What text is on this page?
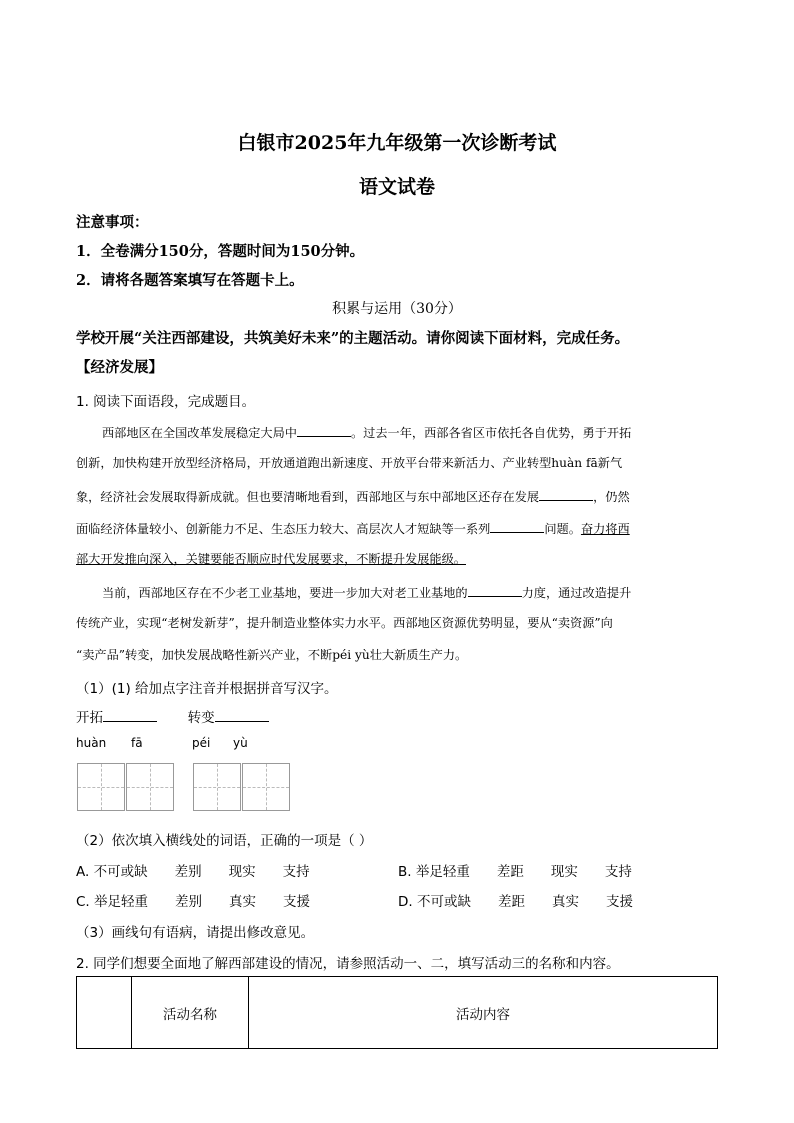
白银市2025年九年级第一次诊断考试
语文试卷
注意事项：
1．全卷满分150分，答题时间为150分钟。
2．请将各题答案填写在答题卡上。
积累与运用（30分）
学校开展“关注西部建设，共筑美好未来”的主题活动。请你阅读下面材料，完成任务。
【经济发展】
1. 阅读下面语段，完成题目。
西部地区在全国改革发展稳定大局中	。过去一年，西部各省区市依托各自优势，勇于开拓
创新，加快构建开放型经济格局，开放通道跑出新速度、开放平台带来新活力、产业转型huàn fā新气
象，经济社会发展取得新成就。但也要清晰地看到，西部地区与东中部地区还存在发展	，仍然
面临经济体量较小、创新能力不足、生态压力较大、高层次人才短缺等一系列	问题。奋力将西
部大开发推向深入，关键要能否顺应时代发展要求，不断提升发展能级。
当前，西部地区存在不少老工业基地，要进一步加大对老工业基地的	力度，通过改造提升
传统产业，实现“老树发新芽”，提升制造业整体实力水平。西部地区资源优势明显，要从“卖资源”向
“卖产品”转变，加快发展战略性新兴产业，不断péi yù壮大新质生产力。
（1）(1) 给加点字注音并根据拼音写汉字。
开拓	转变
huàn fā	péi yù
（2）依次填入横线处的词语，正确的一项是（ ）
A. 不可或缺　　差别　　现实　　支持	B. 举足轻重　　差距　　现实　　支持
C. 举足轻重　　差别　　真实　　支援	D. 不可或缺　　差距　　真实　　支援
（3）画线句有语病，请提出修改意见。
2. 同学们想要全面地了解西部建设的情况，请参照活动一、二，填写活动三的名称和内容。
	活动名称	活动内容
